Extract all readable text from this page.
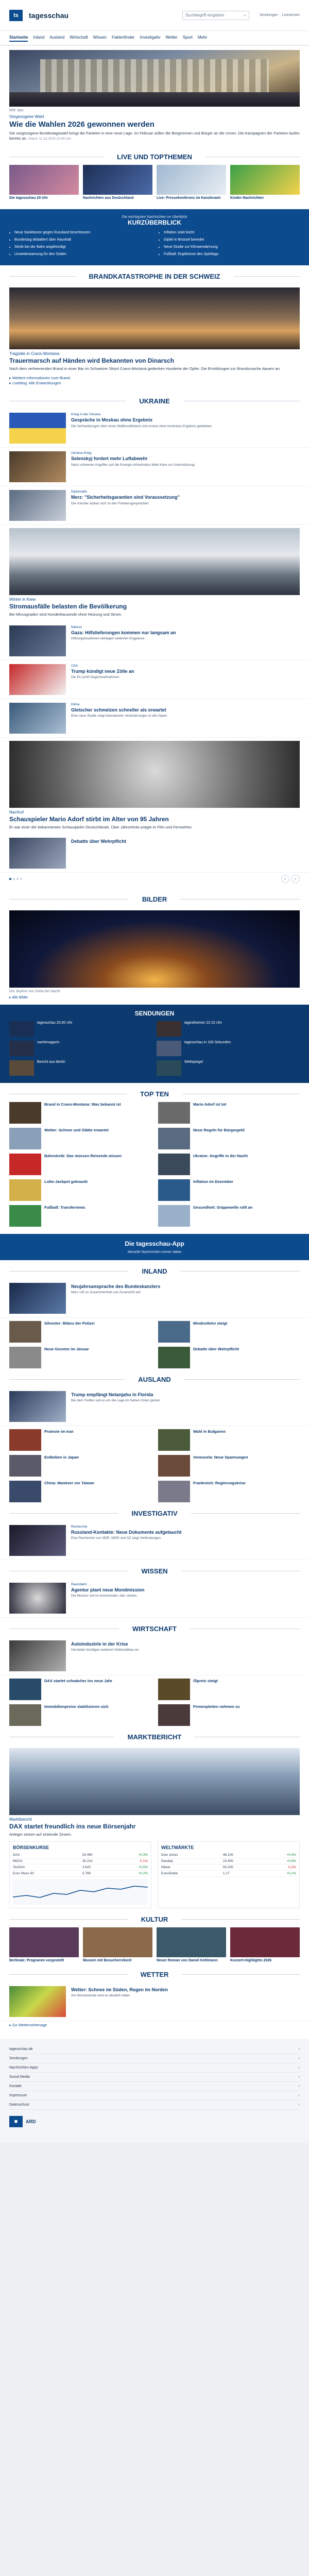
ts	tagesschau	Suchbegriff eingeben	⌕	Sendungen Livestream
Startseite Inland Ausland Wirtschaft Wissen Faktenfinder Investigativ Wetter Sport Mehr
Bild: dpa
Vorgezogene Wahl
Wie die Wahlen 2026 gewonnen werden
Die vorgezogene Bundestagswahl bringt die Parteien in eine neue Lage. Im Februar sollen die Bürgerinnen und Bürger an die Urnen. Die Kampagnen der Parteien laufen bereits an. Stand: 11.12.2025 10:45 Uhr
LIVE UND TOPTHEMEN
Die tagesschau 20 Uhr	Nachrichten aus Deutschland	Live: Pressekonferenz im Kanzleramt	Kinder-Nachrichten
Die wichtigsten Nachrichten im Überblick
KURZÜBERBLICK
• Neue Sanktionen gegen Russland beschlossen
• Bundestag debattiert über Haushalt
• Streik bei der Bahn angekündigt
• Unwetterwarnung für den Süden
• Inflation sinkt leicht
• Gipfel in Brüssel beendet
• Neue Studie zur Klimaerwärmung
• Fußball: Ergebnisse des Spieltags
BRANDKATASTROPHE IN DER SCHWEIZ
Tragödie in Crans-Montana
Trauermarsch auf Händen wird Bekannten von Dinarsch
Nach dem verheerenden Brand in einer Bar im Schweizer Skiort Crans-Montana gedenken Hunderte der Opfer. Die Ermittlungen zur Brandursache dauern an.
▸ Weitere Informationen zum Brand
▸ Liveblog: Alle Entwicklungen
UKRAINE
Krieg in der Ukraine
Gespräche in Moskau ohne Ergebnis
Die Verhandlungen über einen Waffenstillstand sind erneut ohne konkretes Ergebnis geblieben.
Ukraine-Krieg
Selenskyj fordert mehr Luftabwehr
Nach schweren Angriffen auf die Energie-Infrastruktur bittet Kiew um Unterstützung.
Diplomatie
Merz: "Sicherheitsgarantien sind Voraussetzung"
Der Kanzler äußert sich zu den Friedensgesprächen.
Winter in Kiew
Stromausfälle belasten die Bevölkerung
Bei Minusgraden sind Hunderttausende ohne Heizung und Strom.
Nahost
Gaza: Hilfslieferungen kommen nur langsam an
Hilfsorganisationen beklagen weiterhin Engpässe.
USA
Trump kündigt neue Zölle an
Die EU prüft Gegenmaßnahmen.
Klima
Gletscher schmelzen schneller als erwartet
Eine neue Studie zeigt dramatische Veränderungen in den Alpen.
Nachruf
Schauspieler Mario Adorf stirbt im Alter von 95 Jahren
Er war einer der bekanntesten Schauspieler Deutschlands. Über Jahrzehnte prägte er Film und Fernsehen.
Debatte über Wehrpflicht
‹	›
BILDER
Die Skyline von Doha bei Nacht
▸ Alle Bilder
SENDUNGEN
tagesschau 20:00 Uhr	tagesthemen 22:15 Uhr
nachtmagazin	tagesschau in 100 Sekunden
Bericht aus Berlin	Weltspiegel
TOP TEN
Brand in Crans-Montana: Was bekannt ist	Mario Adorf ist tot
Wetter: Schnee und Glätte erwartet	Neue Regeln für Bürgergeld
Bahnstreik: Das müssen Reisende wissen	Ukraine: Angriffe in der Nacht
Lotto-Jackpot geknackt	Inflation im Dezember
Fußball: Transfernews	Gesundheit: Grippewelle rollt an
Die tagesschau-App
Aktuelle Nachrichten immer dabei
INLAND
Neujahrsansprache des Bundeskanzlers
Merz ruft zu Zusammenhalt und Zuversicht auf.
Silvester: Bilanz der Polizei	Mindestlohn steigt
Neue Gesetze im Januar	Debatte über Wehrpflicht
AUSLAND
Trump empfängt Netanjahu in Florida
Bei dem Treffen soll es um die Lage im Nahen Osten gehen.
Proteste im Iran	Wahl in Bulgarien
Erdbeben in Japan	Venezuela: Neue Spannungen
China: Manöver vor Taiwan	Frankreich: Regierungskrise
INVESTIGATIV
Recherche
Russland-Kontakte: Neue Dokumente aufgetaucht
Eine Recherche von NDR, WDR und SZ zeigt Verbindungen.
WISSEN
Raumfahrt
Agentur plant neue Mondmission
Die Mission soll im kommenden Jahr starten.
WIRTSCHAFT
Autoindustrie in der Krise
Hersteller kündigen weiteren Stellenabbau an.
DAX startet schwächer ins neue Jahr	Ölpreis steigt
Immobilienpreise stabilisieren sich	Firmenpleiten nehmen zu
MARKTBERICHT
Marktbericht
DAX startet freundlich ins neue Börsenjahr
Anleger setzen auf sinkende Zinsen.
BÖRSENKURSE
DAX	24.490	+0,3%
MDAX	30.210	-0,1%
TecDAX	3.620	+0,5%
Euro Stoxx 50	5.780	+0,2%
WELTMÄRKTE
Dow Jones	48.100	+0,4%
Nasdaq	23.400	+0,6%
Nikkei	50.200	-0,2%
Euro/Dollar	1,17	+0,1%
KULTUR
Berlinale: Programm vorgestellt	Museen mit Besucherrekord	Neuer Roman von Daniel Kehlmann	Konzert-Highlights 2026
WETTER
Wetter: Schnee im Süden, Regen im Norden
Am Wochenende wird es deutlich kälter.
▸ Zur Wettervorhersage
tagesschau.de	›
Sendungen	›
Nachrichten-Apps	›
Social Media	›
Kontakt	›
Impressum	›
Datenschutz	›
■	ARD
